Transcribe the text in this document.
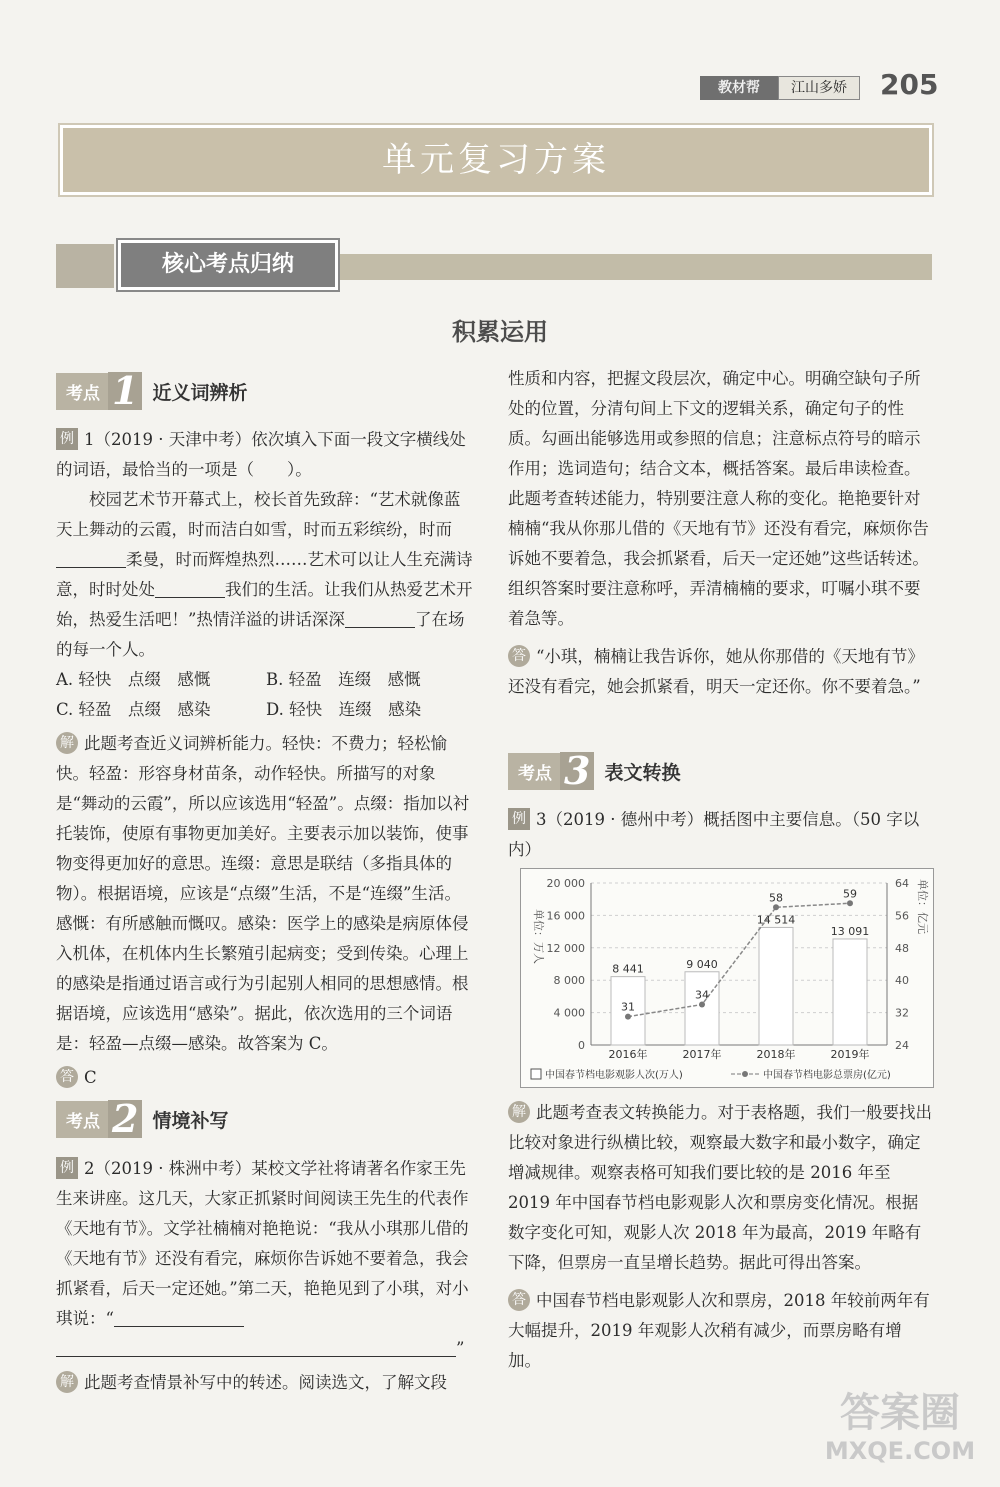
教材帮	江山多娇	205
单元复习方案
核心考点归纳
积累运用
考点 1 近义词辨析

例 1（2019 · 天津中考）依次填入下面一段文字横线处的词语，最恰当的一项是（　　）。

校园艺术节开幕式上，校长首先致辞：“艺术就像蓝天上舞动的云霞，时而洁白如雪，时而五彩缤纷，时而柔曼，时而辉煌热烈……艺术可以让人生充满诗意，时时处处	我们的生活。让我们从热爱艺术开始，热爱生活吧！”热情洋溢的讲话深深	了在场的每一个人。

A. 轻快　点缀　感慨	B. 轻盈　连缀　感慨
C. 轻盈　点缀　感染	D. 轻快　连缀　感染

解 此题考查近义词辨析能力。轻快：不费力；轻松愉快。轻盈：形容身材苗条，动作轻快。所描写的对象是“舞动的云霞”，所以应该选用“轻盈”。点缀：指加以衬托装饰，使原有事物更加美好。主要表示加以装饰，使事物变得更加好的意思。连缀：意思是联结（多指具体的物）。根据语境，应该是“点缀”生活，不是“连缀”生活。感慨：有所感触而慨叹。感染：医学上的感染是病原体侵入机体，在机体内生长繁殖引起病变；受到传染。心理上的感染是指通过语言或行为引起别人相同的思想感情。根据语境，应该选用“感染”。据此，依次选用的三个词语是：轻盈—点缀—感染。故答案为 C。

答 C

考点 2 情境补写

例 2（2019 · 株洲中考）某校文学社将请著名作家王先生来讲座。这几天，大家正抓紧时间阅读王先生的代表作《天地有节》。文学社楠楠对艳艳说：“我从小琪那儿借的《天地有节》还没有看完，麻烦你告诉她不要着急，我会抓紧看，后天一定还她。”第二天，艳艳见到了小琪，对小琪说：“

”

解 此题考查情景补写中的转述。阅读选文，了解文段

性质和内容，把握文段层次，确定中心。明确空缺句子所处的位置，分清句间上下文的逻辑关系，确定句子的性质。勾画出能够选用或参照的信息；注意标点符号的暗示作用；选词造句；结合文本，概括答案。最后串读检查。此题考查转述能力，特别要注意人称的变化。艳艳要针对楠楠“我从你那儿借的《天地有节》还没有看完，麻烦你告诉她不要着急，我会抓紧看，后天一定还她”这些话转述。组织答案时要注意称呼，弄清楠楠的要求，叮嘱小琪不要着急等。

答 “小琪，楠楠让我告诉你，她从你那借的《天地有节》还没有看完，她会抓紧看，明天一定还你。你不要着急。”

考点 3 表文转换

例 3（2019 · 德州中考）概括图中主要信息。（50 字以内）

0
4 000
8 000
12 000
16 000
20 000
24
32
40
48
56
64
单位：万人
单位：亿元
8 441
2016年
9 040
2017年
14 514
2018年
13 091
2019年
31
34
58	59
中国春节档电影观影人次(万人)	中国春节档电影总票房(亿元)

解 此题考查表文转换能力。对于表格题，我们一般要找出比较对象进行纵横比较，观察最大数字和最小数字，确定增减规律。观察表格可知我们要比较的是 2016 年至 2019 年中国春节档电影观影人次和票房变化情况。根据数字变化可知，观影人次 2018 年为最高，2019 年略有下降，但票房一直呈增长趋势。据此可得出答案。

答 中国春节档电影观影人次和票房，2018 年较前两年有大幅提升，2019 年观影人次稍有减少，而票房略有增加。

答案圈
MXQE.COM
